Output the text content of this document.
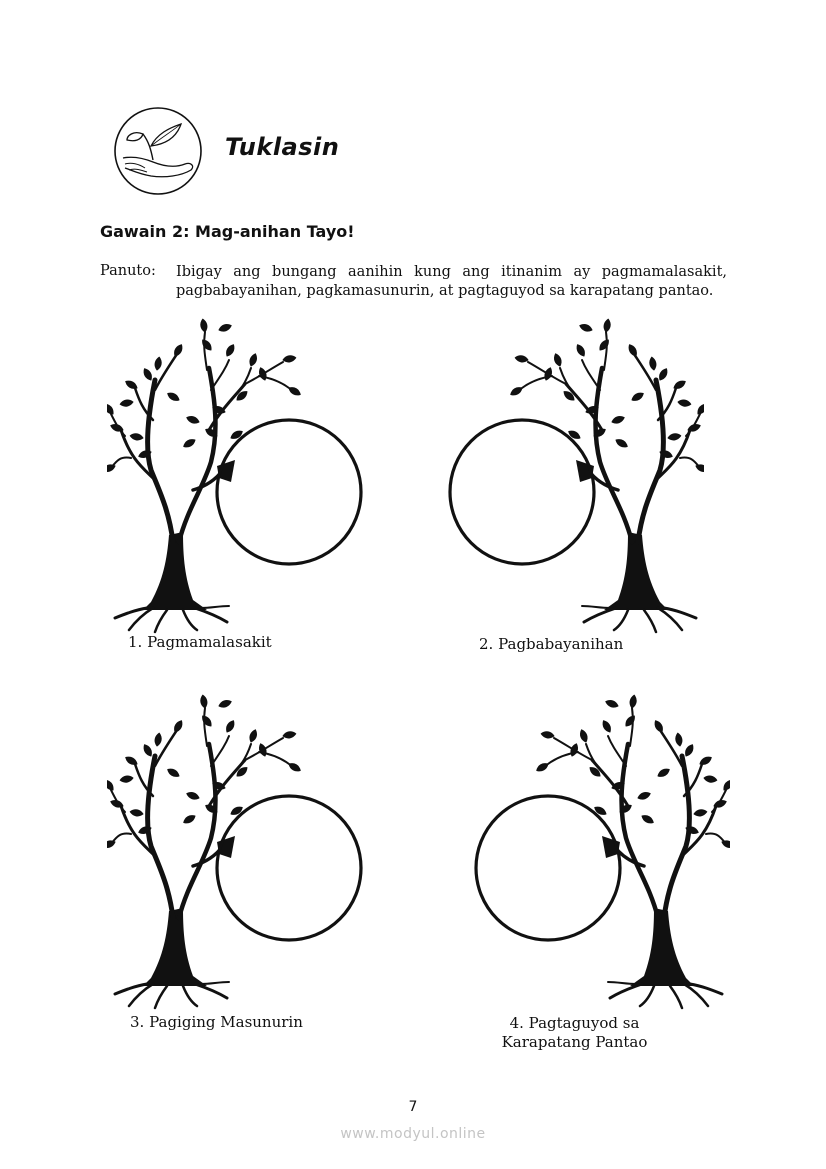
Tuklasin
Gawain 2: Mag-anihan Tayo!
Panuto: Ibigay ang bungang aanihin kung ang itinanim ay pagmamalasakit, pagbabayanihan, pagkamasunurin, at pagtaguyod sa karapatang pantao.
1. Pagmamalasakit	2. Pagbabayanihan
3. Pagiging Masunurin	4. Pagtaguyod sa Karapatang Pantao
7
www.modyul.online
